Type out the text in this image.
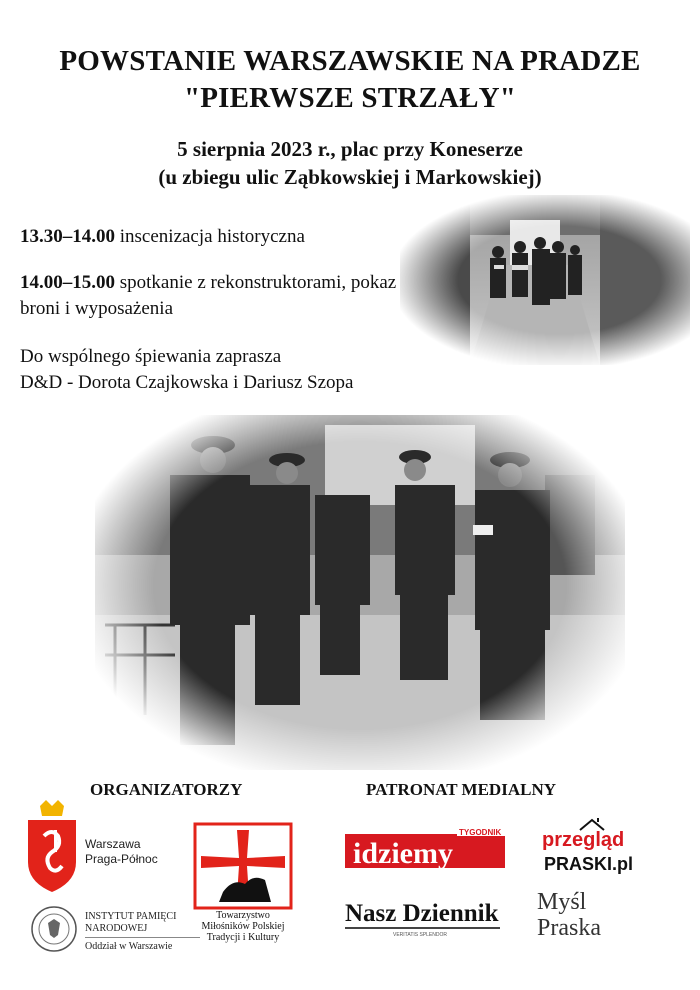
POWSTANIE WARSZAWSKIE NA PRADZE
"PIERWSZE STRZAŁY"
5 sierpnia 2023 r., plac przy Koneserze
(u zbiegu ulic Ząbkowskiej i Markowskiej)
13.30–14.00 inscenizacja historyczna
14.00–15.00 spotkanie z rekonstruktorami, pokaz broni i wyposażenia
Do wspólnego śpiewania zaprasza
D&D - Dorota Czajkowska i Dariusz Szopa
ORGANIZATORZY	PATRONAT MEDIALNY
Warszawa
Praga-Północ
INSTYTUT PAMIĘCI
NARODOWEJ
Oddział w Warszawie
Towarzystwo
Miłośników Polskiej
Tradycji i Kultury
TYGODNIK
idziemy
Nasz Dziennik
VERITATIS SPLENDOR
przegląd
PRASKI.pl
Myśl
Praska
